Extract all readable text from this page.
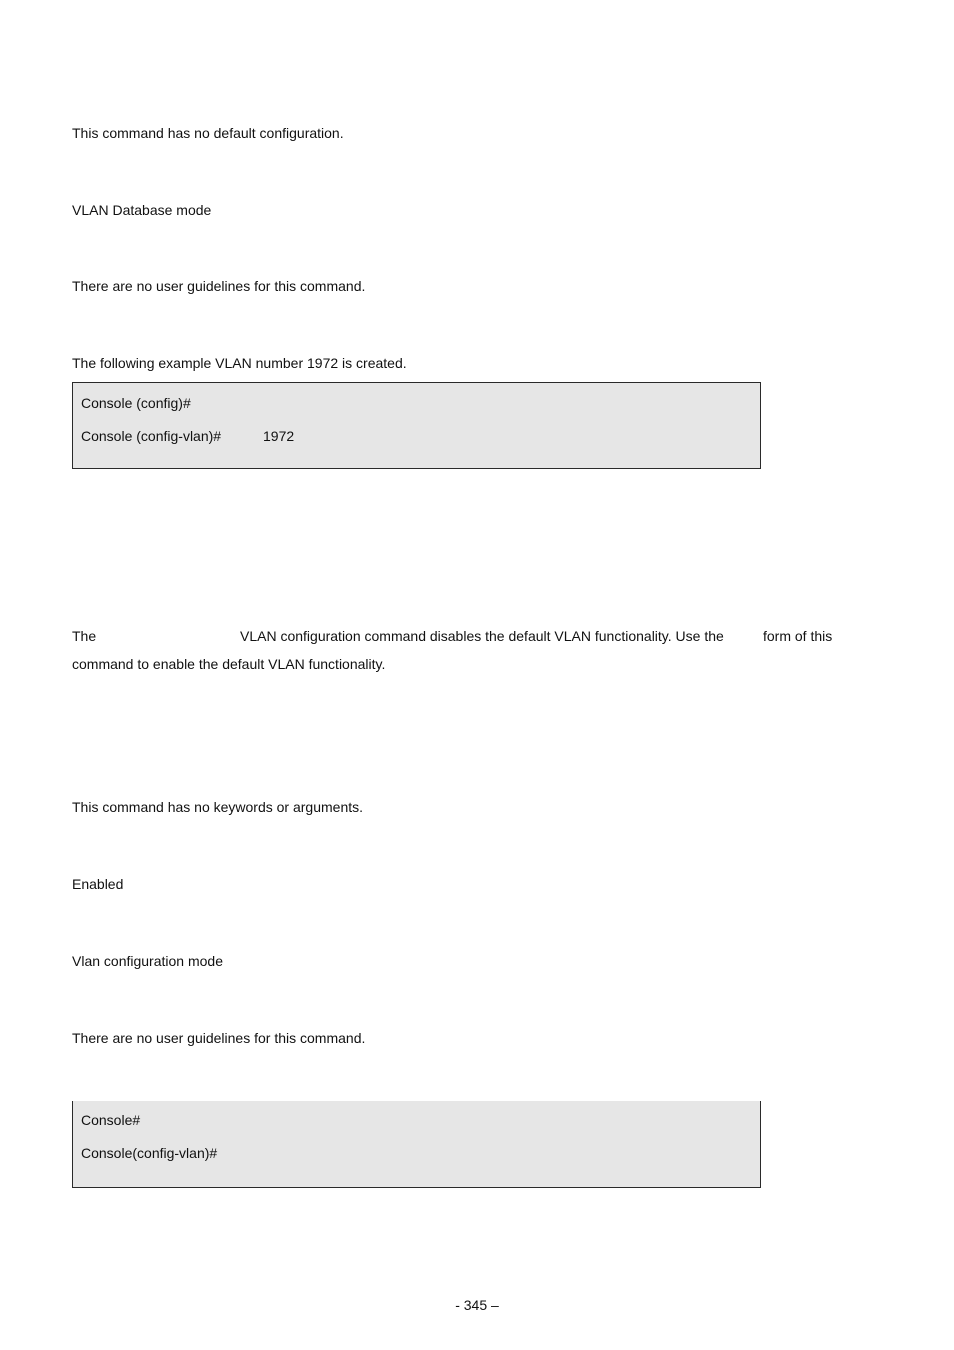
This command has no default configuration.
VLAN Database mode
There are no user guidelines for this command.
The following example VLAN number 1972 is created.
Console (config)#
Console (config-vlan)#	1972
The	VLAN configuration command disables the default VLAN functionality. Use the	form of this
command to enable the default VLAN functionality.
This command has no keywords or arguments.
Enabled
Vlan configuration mode
There are no user guidelines for this command.
Console#
Console(config-vlan)#
- 345 –
